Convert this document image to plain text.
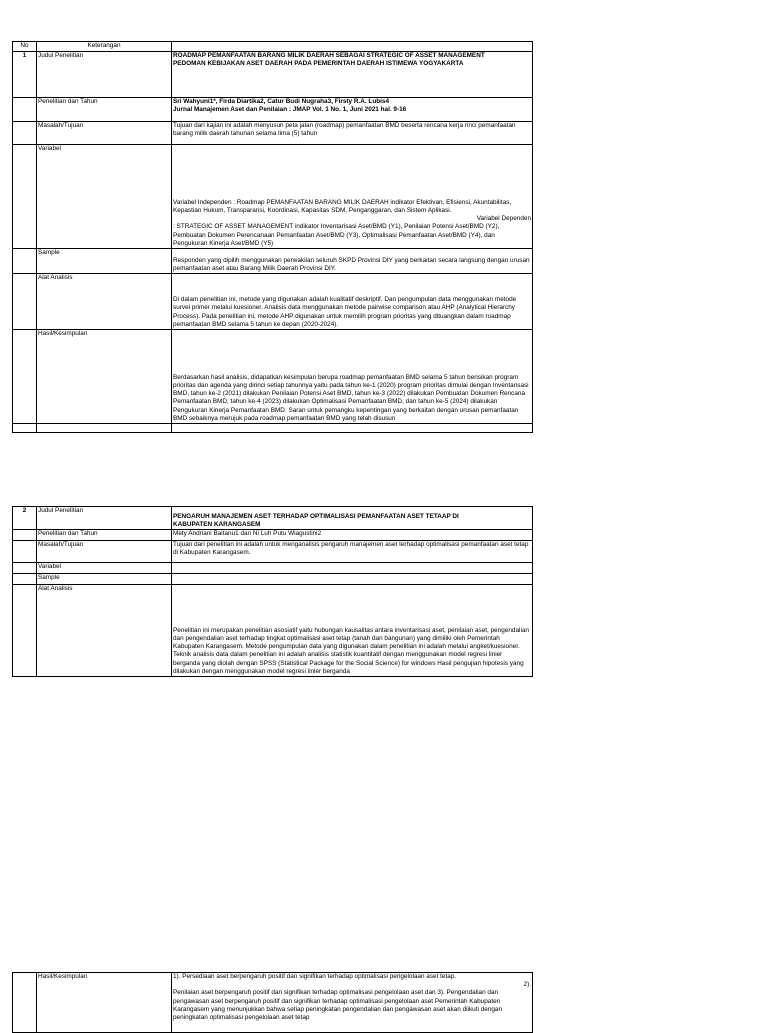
No	Keterangan	
1	Judul Penelitian	ROADMAP PEMANFAATAN BARANG MILIK DAERAH SEBAGAI STRATEGIC OF ASSET MANAGEMENT

PEDOMAN KEBIJAKAN ASET DAERAH PADA PEMERINTAH DAERAH ISTIMEWA YOGYAKARTA

	Penelitian dan Tahun	Sri Wahyuni1*, Firda Diartika2, Catur Budi Nugraha3, Firsty R.A. Lubis4

Jurnal Manajemen Aset dan Penilaian : JMAP Vol. 1 No. 1, Juni 2021 hal. 9-16

	Masalah/Tujuan	Tujuan dari kajian ini adalah menyusun peta jalan (roadmap) pemanfaatan BMD beserta rencana kerja rinci pemanfaatan barang milik daerah tahunan selama lima (5) tahun
	Variabel	Variabel Independen : Roadmap PEMANFAATAN BARANG MILIK DAERAH indikator Efektivan, Efisiensi, Akuntabilitas, Kepastian Hukum, Transparansi, Koordinasi, Kapasitas SDM, Penganggaran, dan Sistem Aplikasi.

Variabel Dependen

: STRATEGIC OF ASSET MANAGEMENT indikator Inventarisasi Aset/BMD (Y1), Penilaian Potensi Aset/BMD (Y2), Pembuatan Dokumen Perencanaan Pemanfaatan Aset/BMD (Y3), Optimalisasi Pemanfaatan Aset/BMD (Y4), dan Pengukuran Kinerja Aset/BMD (Y5)

	Sample	Responden yang dipilih menggunakan perwakilan seluruh SKPD Provinsi DIY yang berkaitan secara langsung dengan urusan pemanfaatan aset atau Barang Milik Daerah Provinsi DIY.
	Alat Analisis	Di dalam penelitian ini, metode yang digunakan adalah kualitatif deskriptif. Dan pengumpulan data menggunakan metode survei primer melalui kuesioner. Analisis data menggunakan metode pairwise comparison atau AHP (Analytical Hierarchy Process). Pada penelitian ini, metode AHP digunakan untuk memilih program prioritas yang dituangkan dalam roadmap pemanfaatan BMD selama 5 tahun ke depan (2020-2024).
	Hasil/Kesimpulan	Berdasarkan hasil analisis, didapatkan kesimpulan berupa roadmap pemanfaatan BMD selama 5 tahun berisikan program prioritas dan agenda yang dirinci setiap tahunnya yaitu pada tahun ke-1 (2020) program prioritas dimulai dengan Inventarisasi BMD, tahun ke-2 (2021) dilakukan Penilaian Potensi Aset BMD, tahun ke-3 (2022) dilakukan Pembuatan Dokumen Rencana Pemanfaatan BMD, tahun ke-4 (2023) dilakukan Optimalisasi Pemanfaatan BMD, dan tahun ke-5 (2024) dilakukan Pengukuran Kinerja Pemanfaatan BMD. Saran untuk pemangku kepentingan yang berkaitan dengan urusan pemanfaatan BMD sebaiknya merujuk pada roadmap pemanfaatan BMD yang telah disusun

2	Judul Penelitian	PENGARUH MANAJEMEN ASET TERHADAP OPTIMALISASI PEMANFAATAN ASET TETAAP DI

KABUPATEN KARANGASEM

	Penelitian dan Tahun	Mety Andriani Baitanu1 dan Ni Luh Putu Wiagustini2
	Masalah/Tujuan	Tujuan dari penelitian ini adalah untuk menganalisis pengaruh manajemen aset terhadap optimalisasi pemanfaatan aset tetap di Kabupaten Karangasem.
	Variabel	
	Sample	
	Alat Analisis	Penelitian ini merupakan penelitian asosiatif yaitu hubungan kausalitas antara inventarisasi aset, penilaian aset, pengendalian dan pengendalian aset terhadap tingkat optimalisasi aset tetap (tanah dan bangunan) yang dimiliki oleh Pemerintah Kabupaten Karangasem. Metode pengumpulan data yang digunakan dalam penelitian ini adalah melalui angket/kuesioner. Teknik analisis data dalam penelitian ini adalah analisis statistik kuantitatif dengan menggunakan model regresi linier berganda yang diolah dengan SPSS (Statistical Package for the Social Science) for windows Hasil pengujian hipotesis yang dilakukan dengan menggunakan model regresi linier berganda
	Hasil/Kesimpulan	1). Persediaan aset berpengaruh positif dan signifikan terhadap optimalisasi pengelolaan aset tetap.

2).

Penilaian aset berpengaruh positif dan signifikan terhadap optimalisasi pengelolaan aset dan 3). Pengendalian dan pengawasan aset berpengaruh positif dan signifikan terhadap optimalisasi pengelolaan aset Pemerintah Kabupaten Karangasem yang menunjukkan bahwa setiap peningkatan pengendalian dan pengawasan aset akan diikuti dengan peningkatan optimalisasi pengelolaan aset tetap
